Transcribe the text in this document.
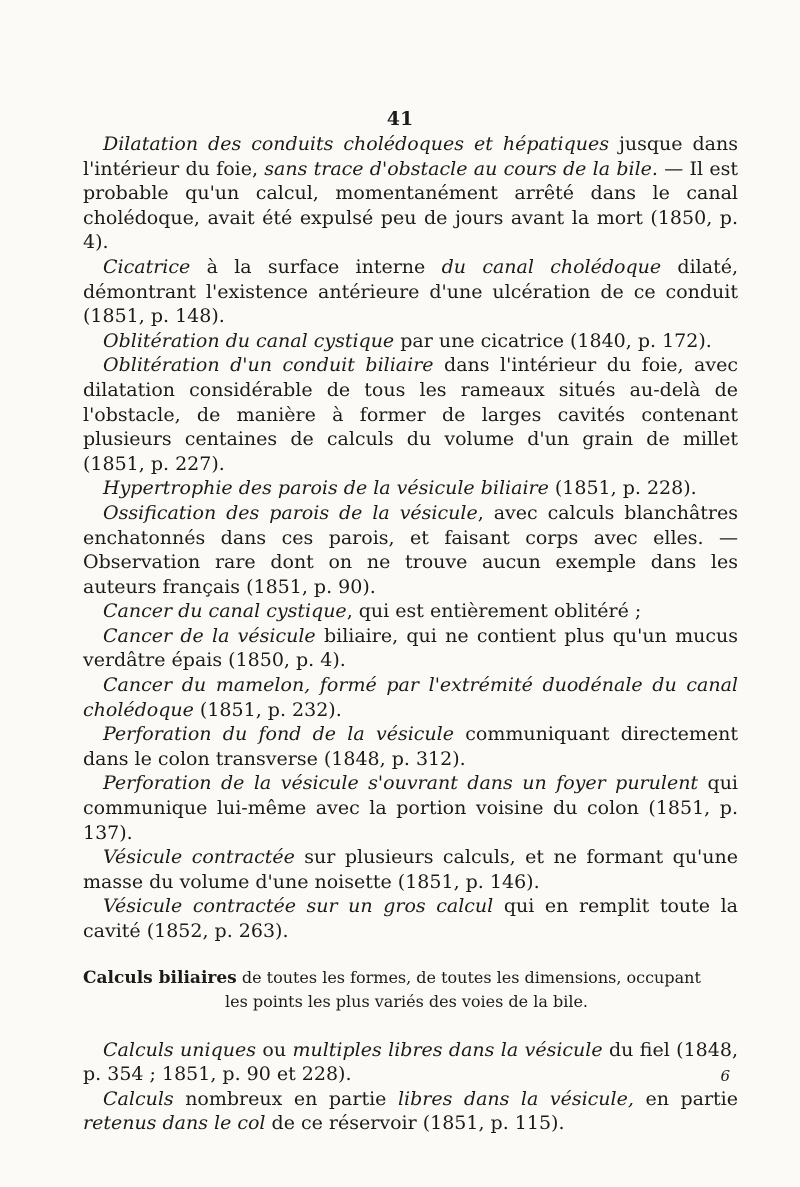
41

Dilatation des conduits cholédoques et hépatiques jusque dans l'intérieur du foie, sans trace d'obstacle au cours de la bile. — Il est probable qu'un calcul, momentanément arrêté dans le canal cholédoque, avait été expulsé peu de jours avant la mort (1850, p. 4).

Cicatrice à la surface interne du canal cholédoque dilaté, démontrant l'existence antérieure d'une ulcération de ce conduit (1851, p. 148).

Oblitération du canal cystique par une cicatrice (1840, p. 172).

Oblitération d'un conduit biliaire dans l'intérieur du foie, avec dilatation considérable de tous les rameaux situés au-delà de l'obstacle, de manière à former de larges cavités contenant plusieurs centaines de calculs du volume d'un grain de millet (1851, p. 227).

Hypertrophie des parois de la vésicule biliaire (1851, p. 228).

Ossification des parois de la vésicule, avec calculs blanchâtres enchatonnés dans ces parois, et faisant corps avec elles. — Observation rare dont on ne trouve aucun exemple dans les auteurs français (1851, p. 90).

Cancer du canal cystique, qui est entièrement oblitéré ;

Cancer de la vésicule biliaire, qui ne contient plus qu'un mucus verdâtre épais (1850, p. 4).

Cancer du mamelon, formé par l'extrémité duodénale du canal cholédoque (1851, p. 232).

Perforation du fond de la vésicule communiquant directement dans le colon transverse (1848, p. 312).

Perforation de la vésicule s'ouvrant dans un foyer purulent qui communique lui-même avec la portion voisine du colon (1851, p. 137).

Vésicule contractée sur plusieurs calculs, et ne formant qu'une masse du volume d'une noisette (1851, p. 146).

Vésicule contractée sur un gros calcul qui en remplit toute la cavité (1852, p. 263).

Calculs biliaires de toutes les formes, de toutes les dimensions, occupant
les points les plus variés des voies de la bile.

Calculs uniques ou multiples libres dans la vésicule du fiel (1848, p. 354 ; 1851, p. 90 et 228).

Calculs nombreux en partie libres dans la vésicule, en partie retenus dans le col de ce réservoir (1851, p. 115).

6
